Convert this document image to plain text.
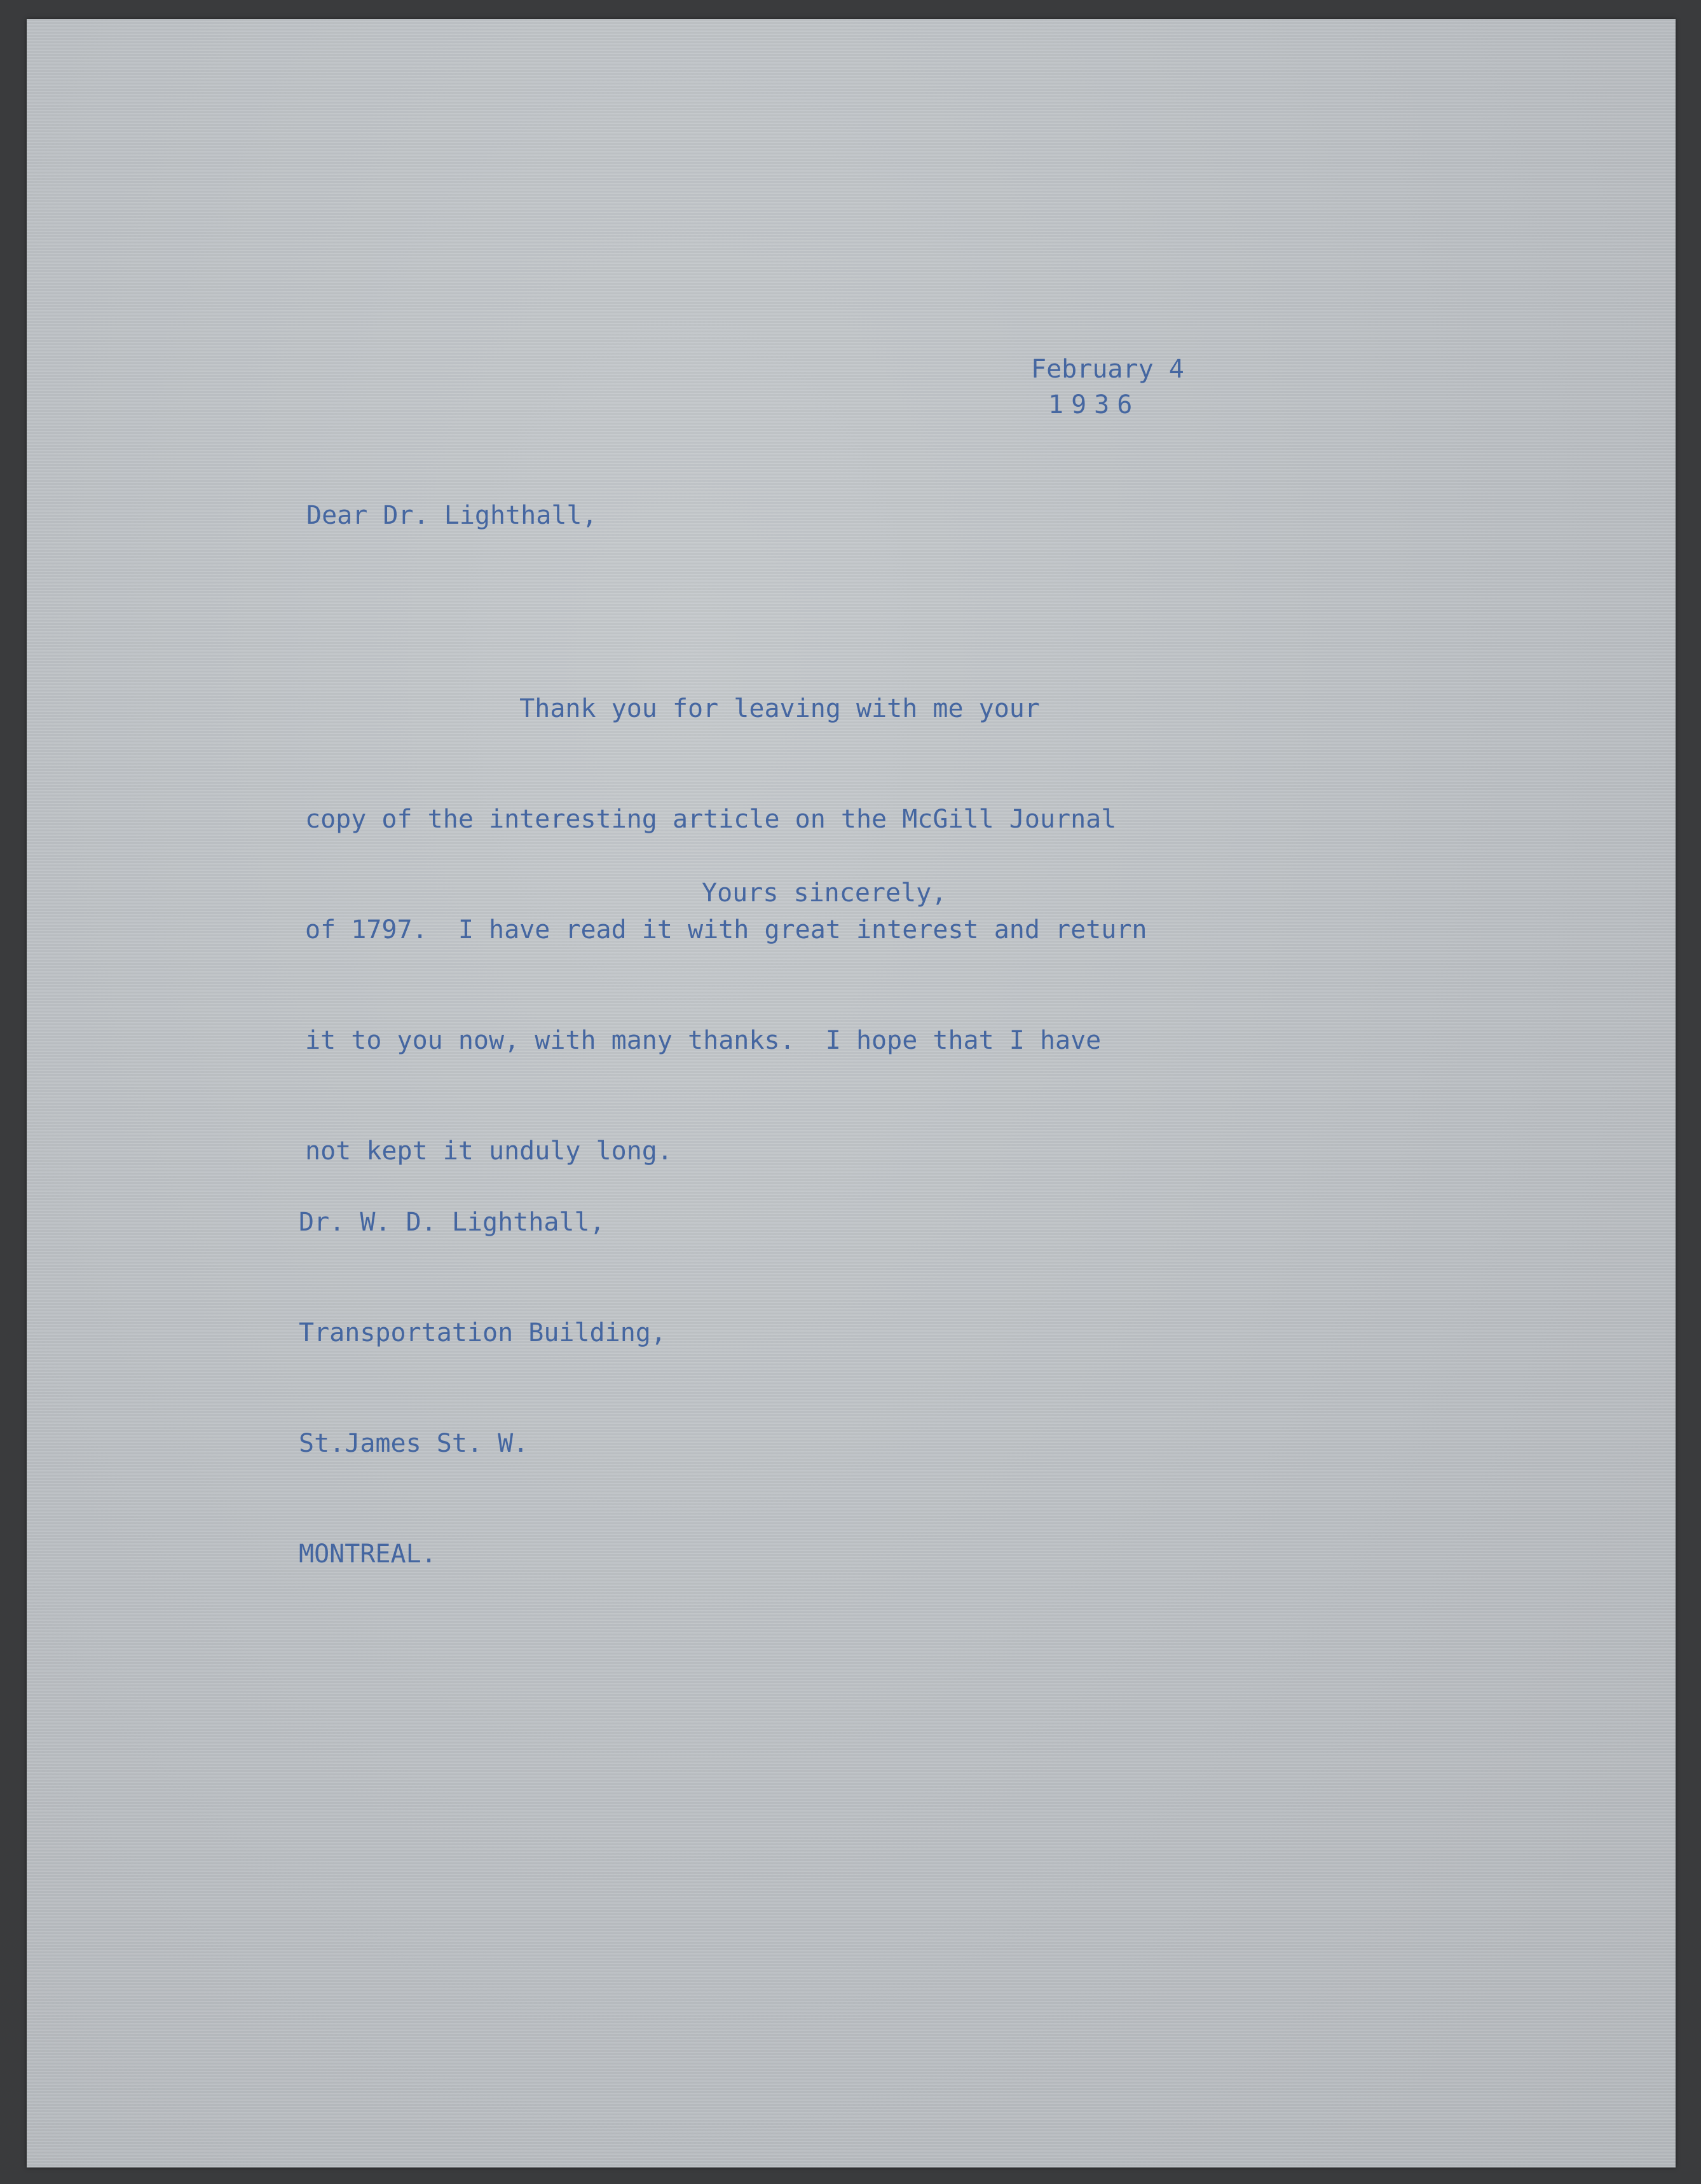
February 4
1936
Dear Dr. Lighthall,

Thank you for leaving with me your

copy of the interesting article on the McGill Journal

of 1797.  I have read it with great interest and return

it to you now, with many thanks.  I hope that I have

not kept it unduly long.

Yours sincerely,

Dr. W. D. Lighthall,

Transportation Building,

St.James St. W.

MONTREAL.
